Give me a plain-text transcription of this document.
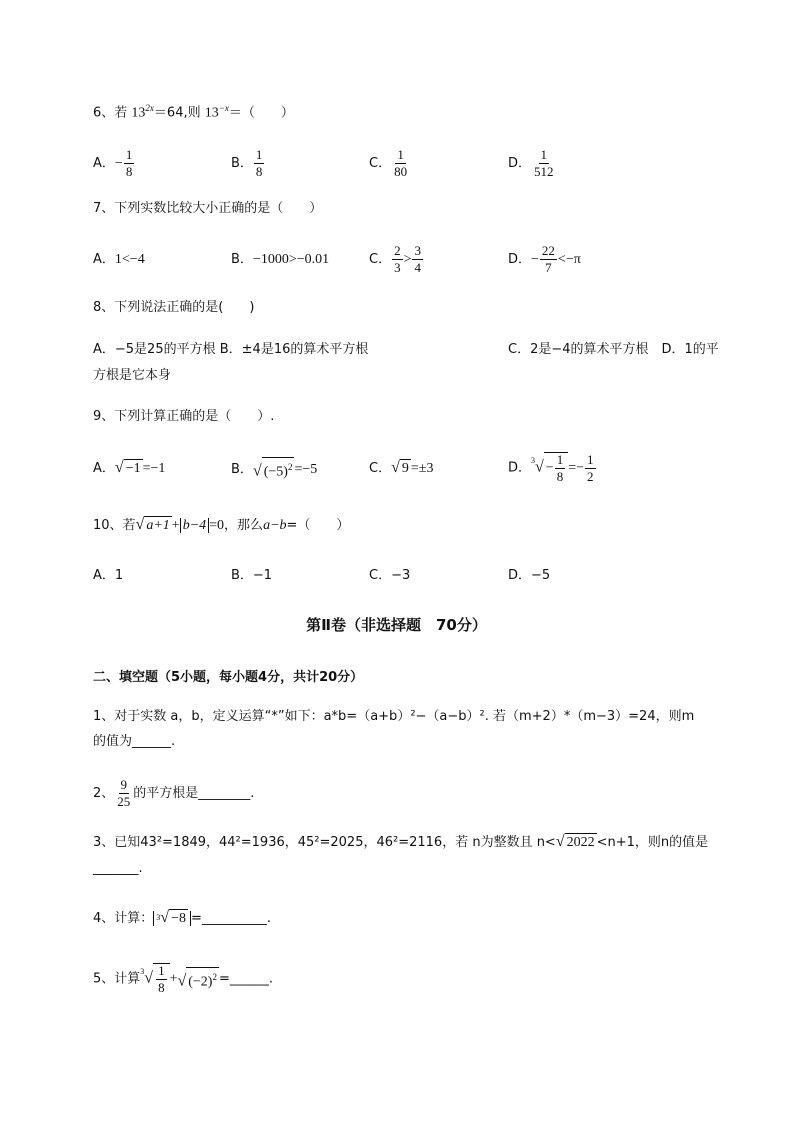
6、若 $13^{2x}=64$,则 $13^{-x}=$（　　）
A．− $\frac{1}{8}$	B． $\frac{1}{8}$	C． $\frac{1}{80}$	D． $\frac{1}{512}$
7、下列实数比较大小正确的是（　　）
A．1<−4	B．−1000>−0.01	C． $\frac{2}{3} > \frac{3}{4}$	D．− $\frac{22}{7} <-\pi$
8、下列说法正确的是(　　)
A．−5是25的平方根 B．±4是16的算术平方根	C．2是−4的算术平方根　D．1的平
方根是它本身
9、下列计算正确的是（　　）.
A．√ −1 =−1	B．√ $(-5)^2 =-5$	C．√ 9 =±3	D．$^3√ - \frac{1}{8} =- \frac{1}{2}$
10、若√ a+1 + b−4 =0，那么a−b=（　　）
A．1	B．−1	C．−3	D．−5
第Ⅱ卷（非选择题　70分）
二、填空题（5小题，每小题4分，共计20分）
1、对于实数 a，b，定义运算“*”如下：a*b=（a+b）²−（a−b）². 若（m+2）*（m−3）=24，则m
的值为______.
2、 $\frac{9}{25}$ 的平方根是________.
3、已知43²=1849，44²=1936，45²=2025，46²=2116，若 n为整数且 n<√ 2022 <n+1，则n的值是
_______.
4、计算： $^3$√ −8 =__________.
5、计算$^3√ \frac{1}{8}$ +√ $(-2)^2$ =______.
